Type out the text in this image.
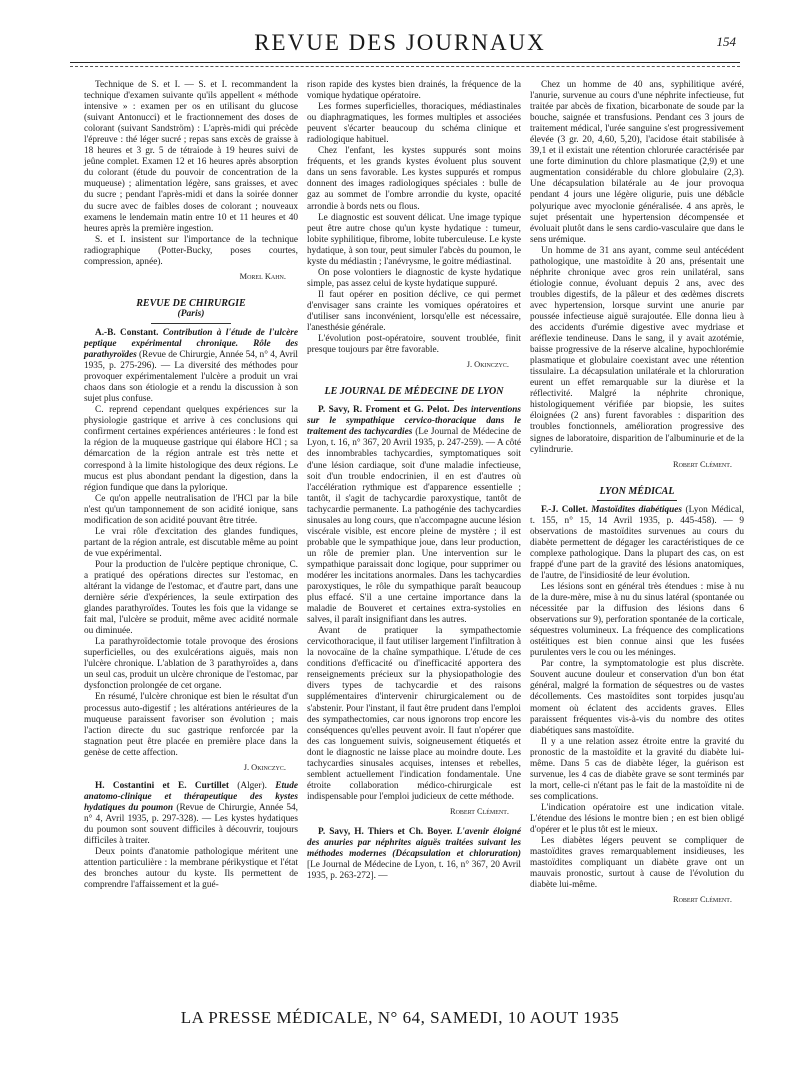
REVUE DES JOURNAUX	154

Technique de S. et I. — S. et I. recommandent la technique d'examen suivante qu'ils appellent « méthode intensive » : examen per os en utilisant du glucose (suivant Antonucci) et le fractionnement des doses de colorant (suivant Sandström) : L'après-midi qui précède l'épreuve : thé léger sucré ; repas sans excès de graisse à 18 heures et 3 gr. 5 de tétraiode à 19 heures suivi de jeûne complet. Examen 12 et 16 heures après absorption du colorant (étude du pouvoir de concentration de la muqueuse) ; alimentation légère, sans graisses, et avec du sucre ; pendant l'après-midi et dans la soirée donner du sucre avec de faibles doses de colorant ; nouveaux examens le lendemain matin entre 10 et 11 heures et 40 heures après la première ingestion.

S. et I. insistent sur l'importance de la technique radiographique (Potter-Bucky, poses courtes, compression, apnée).

Morel Kahn.

REVUE DE CHIRURGIE

(Paris)

A.-B. Constant. Contribution à l'étude de l'ulcère peptique expérimental chronique. Rôle des parathyroïdes (Revue de Chirurgie, Année 54, n° 4, Avril 1935, p. 275-296). — La diversité des méthodes pour provoquer expérimentalement l'ulcère a produit un vrai chaos dans son étiologie et a rendu la discussion à son sujet plus confuse.

C. reprend cependant quelques expériences sur la physiologie gastrique et arrive à ces conclusions qui confirment certaines expériences antérieures : le fond est la région de la muqueuse gastrique qui élabore HCl ; sa démarcation de la région antrale est très nette et correspond à la limite histologique des deux régions. Le mucus est plus abondant pendant la digestion, dans la région fundique que dans la pylorique.

Ce qu'on appelle neutralisation de l'HCl par la bile n'est qu'un tamponnement de son acidité ionique, sans modification de son acidité pouvant être titrée.

Le vrai rôle d'excitation des glandes fundiques, partant de la région antrale, est discutable même au point de vue expérimental.

Pour la production de l'ulcère peptique chronique, C. a pratiqué des opérations directes sur l'estomac, en altérant la vidange de l'estomac, et d'autre part, dans une dernière série d'expériences, la seule extirpation des glandes parathyroïdes. Toutes les fois que la vidange se fait mal, l'ulcère se produit, même avec acidité normale ou diminuée.

La parathyroïdectomie totale provoque des érosions superficielles, ou des exulcérations aiguës, mais non l'ulcère chronique. L'ablation de 3 parathyroïdes a, dans un seul cas, produit un ulcère chronique de l'estomac, par dysfonction prolongée de cet organe.

En résumé, l'ulcère chronique est bien le résultat d'un processus auto-digestif ; les altérations antérieures de la muqueuse paraissent favoriser son évolution ; mais l'action directe du suc gastrique renforcée par la stagnation peut être placée en première place dans la genèse de cette affection.

J. Okinczyc.

H. Costantini et E. Curtillet (Alger). Etude anatomo-clinique et thérapeutique des kystes hydatiques du poumon (Revue de Chirurgie, Année 54, n° 4, Avril 1935, p. 297-328). — Les kystes hydatiques du poumon sont souvent difficiles à découvrir, toujours difficiles à traiter.

Deux points d'anatomie pathologique méritent une attention particulière : la membrane périkystique et l'état des bronches autour du kyste. Ils permettent de comprendre l'affaissement et la gué-

rison rapide des kystes bien drainés, la fréquence de la vomique hydatique opératoire.

Les formes superficielles, thoraciques, médiastinales ou diaphragmatiques, les formes multiples et associées peuvent s'écarter beaucoup du schéma clinique et radiologique habituel.

Chez l'enfant, les kystes suppurés sont moins fréquents, et les grands kystes évoluent plus souvent dans un sens favorable. Les kystes suppurés et rompus donnent des images radiologiques spéciales : bulle de gaz au sommet de l'ombre arrondie du kyste, opacité arrondie à bords nets ou flous.

Le diagnostic est souvent délicat. Une image typique peut être autre chose qu'un kyste hydatique : tumeur, lobite syphilitique, fibrome, lobite tuberculeuse. Le kyste hydatique, à son tour, peut simuler l'abcès du poumon, le kyste du médiastin ; l'anévrysme, le goitre médiastinal.

On pose volontiers le diagnostic de kyste hydatique simple, pas assez celui de kyste hydatique suppuré.

Il faut opérer en position déclive, ce qui permet d'envisager sans crainte les vomiques opératoires et d'utiliser sans inconvénient, lorsqu'elle est nécessaire, l'anesthésie générale.

L'évolution post-opératoire, souvent troublée, finit presque toujours par être favorable.

J. Okinczyc.

LE JOURNAL DE MÉDECINE DE LYON

P. Savy, R. Froment et G. Pelot. Des interventions sur le sympathique cervico-thoracique dans le traitement des tachycardies (Le Journal de Médecine de Lyon, t. 16, n° 367, 20 Avril 1935, p. 247-259). — A côté des innombrables tachycardies, symptomatiques soit d'une lésion cardiaque, soit d'une maladie infectieuse, soit d'un trouble endocrinien, il en est d'autres où l'accélération rythmique est d'apparence essentielle ; tantôt, il s'agit de tachycardie paroxystique, tantôt de tachycardie permanente. La pathogénie des tachycardies sinusales au long cours, que n'accompagne aucune lésion viscérale visible, est encore pleine de mystère ; il est probable que le sympathique joue, dans leur production, un rôle de premier plan. Une intervention sur le sympathique paraissait donc logique, pour supprimer ou modérer les incitations anormales. Dans les tachycardies paroxystiques, le rôle du sympathique paraît beaucoup plus effacé. S'il a une certaine importance dans la maladie de Bouveret et certaines extra-systolies en salves, il paraît insignifiant dans les autres.

Avant de pratiquer la sympathectomie cervicothoracique, il faut utiliser largement l'infiltration à la novocaïne de la chaîne sympathique. L'étude de ces conditions d'efficacité ou d'inefficacité apportera des renseignements précieux sur la physiopathologie des divers types de tachycardie et des raisons supplémentaires d'intervenir chirurgicalement ou de s'abstenir. Pour l'instant, il faut être prudent dans l'emploi des sympathectomies, car nous ignorons trop encore les conséquences qu'elles peuvent avoir. Il faut n'opérer que des cas longuement suivis, soigneusement étiquetés et dont le diagnostic ne laisse place au moindre doute. Les tachycardies sinusales acquises, intenses et rebelles, semblent actuellement l'indication fondamentale. Une étroite collaboration médico-chirurgicale est indispensable pour l'emploi judicieux de cette méthode.

Robert Clément.

P. Savy, H. Thiers et Ch. Boyer. L'avenir éloigné des anuries par néphrites aiguës traitées suivant les méthodes modernes (Décapsulation et chloruration) [Le Journal de Médecine de Lyon, t. 16, n° 367, 20 Avril 1935, p. 263-272]. —

Chez un homme de 40 ans, syphilitique avéré, l'anurie, survenue au cours d'une néphrite infectieuse, fut traitée par abcès de fixation, bicarbonate de soude par la bouche, saignée et transfusions. Pendant ces 3 jours de traitement médical, l'urée sanguine s'est progressivement élevée (3 gr. 20, 4,60, 5,20), l'acidose était stabilisée à 39,1 et il existait une rétention chlorurée caractérisée par une forte diminution du chlore plasmatique (2,9) et une augmentation considérable du chlore globulaire (2,3). Une décapsulation bilatérale au 4e jour provoqua pendant 4 jours une légère oligurie, puis une débâcle polyurique avec myoclonie généralisée. 4 ans après, le sujet présentait une hypertension décompensée et évoluait plutôt dans le sens cardio-vasculaire que dans le sens urémique.

Un homme de 31 ans ayant, comme seul antécédent pathologique, une mastoïdite à 20 ans, présentait une néphrite chronique avec gros rein unilatéral, sans étiologie connue, évoluant depuis 2 ans, avec des troubles digestifs, de la pâleur et des œdèmes discrets avec hypertension, lorsque survint une anurie par poussée infectieuse aiguë surajoutée. Elle donna lieu à des accidents d'urémie digestive avec mydriase et aréflexie tendineuse. Dans le sang, il y avait azotémie, baisse progressive de la réserve alcaline, hypochlorémie plasmatique et globulaire coexistant avec une rétention tissulaire. La décapsulation unilatérale et la chloruration eurent un effet remarquable sur la diurèse et la réflectivité. Malgré la néphrite chronique, histologiquement vérifiée par biopsie, les suites éloignées (2 ans) furent favorables : disparition des troubles fonctionnels, amélioration progressive des signes de laboratoire, disparition de l'albuminurie et de la cylindrurie.

Robert Clément.

LYON MÉDICAL

F.-J. Collet. Mastoïdites diabétiques (Lyon Médical, t. 155, n° 15, 14 Avril 1935, p. 445-458). — 9 observations de mastoïdites survenues au cours du diabète permettent de dégager les caractéristiques de ce complexe pathologique. Dans la plupart des cas, on est frappé d'une part de la gravité des lésions anatomiques, de l'autre, de l'insidiosité de leur évolution.

Les lésions sont en général très étendues : mise à nu de la dure-mère, mise à nu du sinus latéral (spontanée ou nécessitée par la diffusion des lésions dans 6 observations sur 9), perforation spontanée de la corticale, séquestres volumineux. La fréquence des complications ostéitiques est bien connue ainsi que les fusées purulentes vers le cou ou les méninges.

Par contre, la symptomatologie est plus discrète. Souvent aucune douleur et conservation d'un bon état général, malgré la formation de séquestres ou de vastes décollements. Ces mastoïdites sont torpides jusqu'au moment où éclatent des accidents graves. Elles paraissent fréquentes vis-à-vis du nombre des otites diabétiques sans mastoïdite.

Il y a une relation assez étroite entre la gravité du pronostic de la mastoïdite et la gravité du diabète lui-même. Dans 5 cas de diabète léger, la guérison est survenue, les 4 cas de diabète grave se sont terminés par la mort, celle-ci n'étant pas le fait de la mastoïdite ni de ses complications.

L'indication opératoire est une indication vitale. L'étendue des lésions le montre bien ; en est bien obligé d'opérer et le plus tôt est le mieux.

Les diabètes légers peuvent se compliquer de mastoïdites graves remarquablement insidieuses, les mastoïdites compliquant un diabète grave ont un mauvais pronostic, surtout à cause de l'évolution du diabète lui-même.

Robert Clément.

LA PRESSE MÉDICALE, N° 64, SAMEDI, 10 AOUT 1935
